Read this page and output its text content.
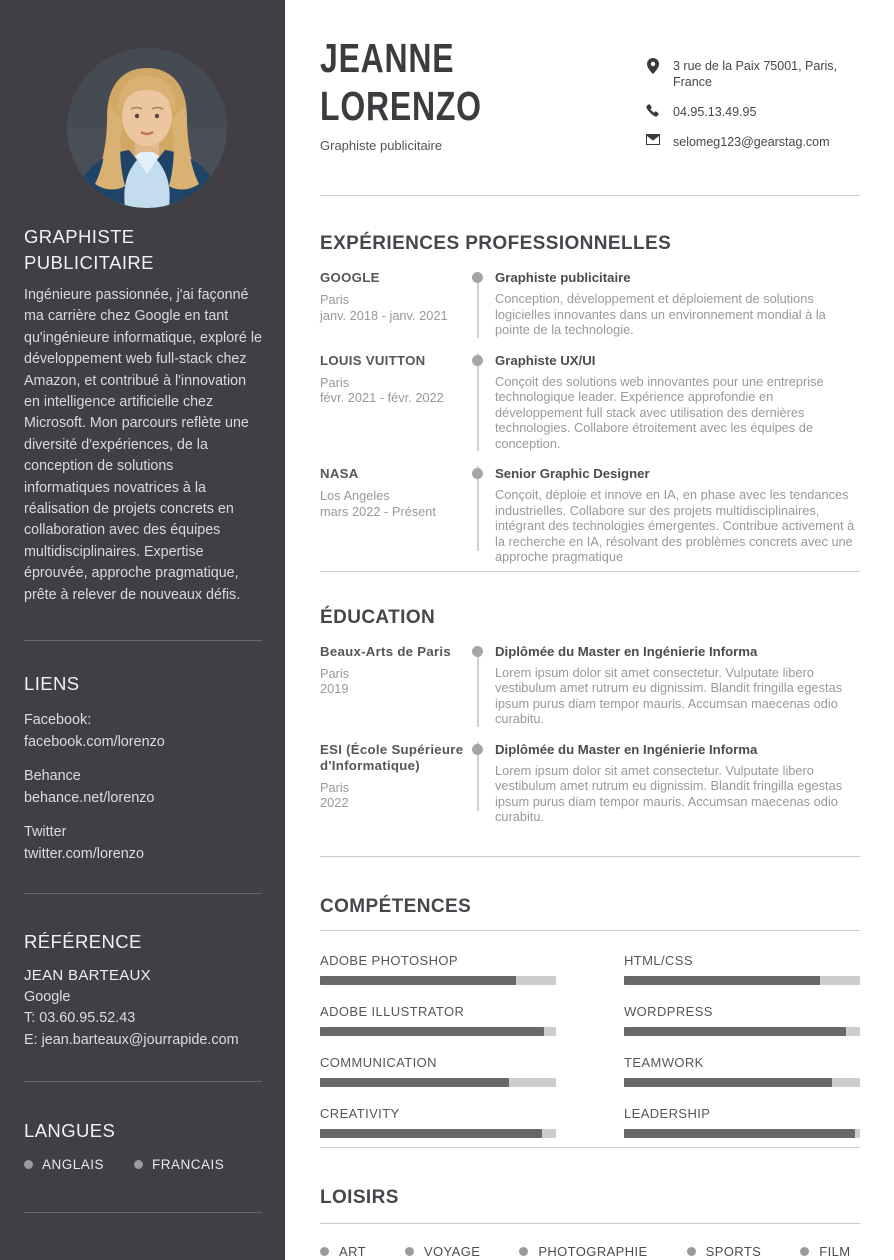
GRAPHISTE PUBLICITAIRE

Ingénieure passionnée, j'ai façonné ma carrière chez Google en tant qu'ingénieure informatique, exploré le développement web full-stack chez Amazon, et contribué à l'innovation en intelligence artificielle chez Microsoft. Mon parcours reflète une diversité d'expériences, de la conception de solutions informatiques novatrices à la réalisation de projets concrets en collaboration avec des équipes multidisciplinaires. Expertise éprouvée, approche pragmatique, prête à relever de nouveaux défis.

LIENS
Facebook:
facebook.com/lorenzo
Behance
behance.net/lorenzo
Twitter
twitter.com/lorenzo
RÉFÉRENCE
JEAN BARTEAUX
Google
T: 03.60.95.52.43
E: jean.barteaux@jourrapide.com
LANGUES
ANGLAIS	FRANCAIS
JEANNE
LORENZO
Graphiste publicitaire
3 rue de la Paix 75001, Paris, France
04.95.13.49.95
selomeg123@gearstag.com
EXPÉRIENCES PROFESSIONNELLES
GOOGLE
Paris
janv. 2018 - janv. 2021
Graphiste publicitaire
Conception, développement et déploiement de solutions logicielles innovantes dans un environnement mondial à la pointe de la technologie.
LOUIS VUITTON
Paris
févr. 2021 - févr. 2022
Graphiste UX/UI
Conçoit des solutions web innovantes pour une entreprise technologique leader. Expérience approfondie en développement full stack avec utilisation des dernières technologies. Collabore étroitement avec les équipes de conception.
NASA
Los Angeles
mars 2022 - Présent
Senior Graphic Designer
Conçoit, déploie et innove en IA, en phase avec les tendances industrielles. Collabore sur des projets multidisciplinaires, intégrant des technologies émergentes. Contribue activement à la recherche en IA, résolvant des problèmes concrets avec une approche pragmatique
ÉDUCATION
Beaux-Arts de Paris
Paris
2019
Diplômée du Master en Ingénierie Informa
Lorem ipsum dolor sit amet consectetur. Vulputate libero vestibulum amet rutrum eu dignissim. Blandit fringilla egestas ipsum purus diam tempor mauris. Accumsan maecenas odio curabitu.
ESI (École Supérieure d'Informatique)
Paris
2022
Diplômée du Master en Ingénierie Informa
Lorem ipsum dolor sit amet consectetur. Vulputate libero vestibulum amet rutrum eu dignissim. Blandit fringilla egestas ipsum purus diam tempor mauris. Accumsan maecenas odio curabitu.
COMPÉTENCES
ADOBE PHOTOSHOP	HTML/CSS
ADOBE ILLUSTRATOR	WORDPRESS
COMMUNICATION	TEAMWORK
CREATIVITY	LEADERSHIP
LOISIRS
ART	VOYAGE	PHOTOGRAPHIE	SPORTS	FILM
